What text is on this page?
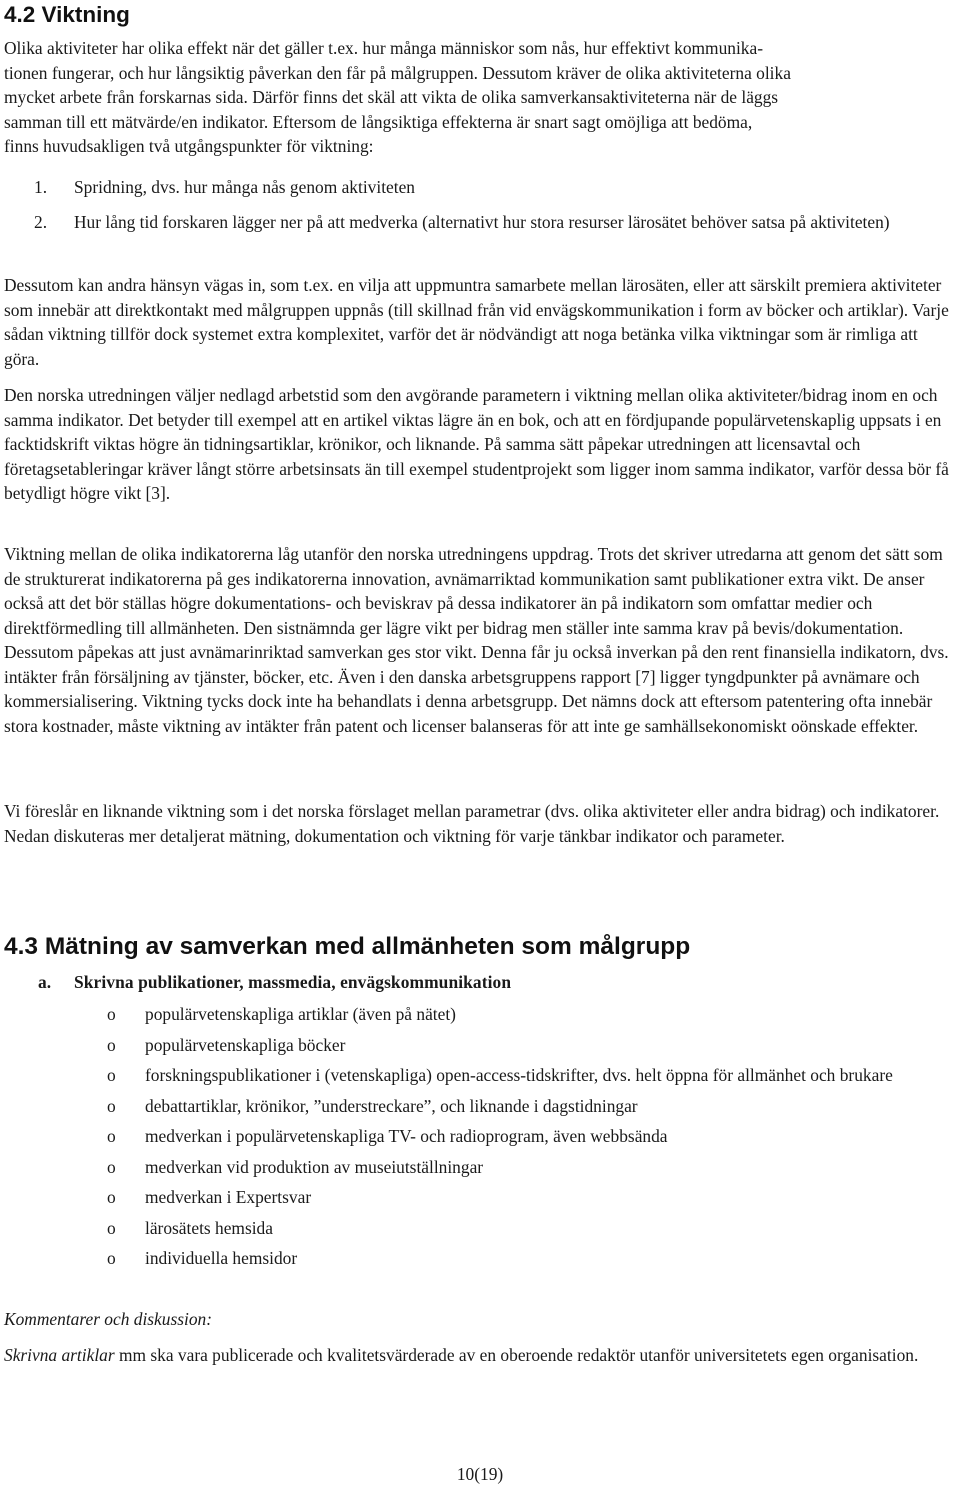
4.2 Viktning

Olika aktiviteter har olika effekt när det gäller t.ex. hur många människor som nås, hur effektivt kommunika-

tionen fungerar, och hur långsiktig påverkan den får på målgruppen. Dessutom kräver de olika aktiviteterna olika

mycket arbete från forskarnas sida. Därför finns det skäl att vikta de olika samverkansaktiviteterna när de läggs

samman till ett mätvärde/en indikator. Eftersom de långsiktiga effekterna är snart sagt omöjliga att bedöma,

finns huvudsakligen två utgångspunkter för viktning:

1. Spridning, dvs. hur många nås genom aktiviteten
2. Hur lång tid forskaren lägger ner på att medverka (alternativt hur stora resurser lärosätet behöver satsa på aktiviteten)

Dessutom kan andra hänsyn vägas in, som t.ex. en vilja att uppmuntra samarbete mellan lärosäten, eller att särskilt premiera aktiviteter som innebär att direktkontakt med målgruppen uppnås (till skillnad från vid envägskommunikation i form av böcker och artiklar). Varje sådan viktning tillför dock systemet extra komplexitet, varför det är nödvändigt att noga betänka vilka viktningar som är rimliga att göra.

Den norska utredningen väljer nedlagd arbetstid som den avgörande parametern i viktning mellan olika aktiviteter/bidrag inom en och samma indikator. Det betyder till exempel att en artikel viktas lägre än en bok, och att en fördjupande populärvetenskaplig uppsats i en facktidskrift viktas högre än tidningsartiklar, krönikor, och liknande. På samma sätt påpekar utredningen att licensavtal och företagsetableringar kräver långt större arbetsinsats än till exempel studentprojekt som ligger inom samma indikator, varför dessa bör få betydligt högre vikt [3].

Viktning mellan de olika indikatorerna låg utanför den norska utredningens uppdrag. Trots det skriver utredarna att genom det sätt som de strukturerat indikatorerna på ges indikatorerna innovation, avnämarriktad kommunikation samt publikationer extra vikt. De anser också att det bör ställas högre dokumentations- och beviskrav på dessa indikatorer än på indikatorn som omfattar medier och direktförmedling till allmänheten. Den sistnämnda ger lägre vikt per bidrag men ställer inte samma krav på bevis/dokumentation. Dessutom påpekas att just avnämarinriktad samverkan ges stor vikt. Denna får ju också inverkan på den rent finansiella indikatorn, dvs. intäkter från försäljning av tjänster, böcker, etc. Även i den danska arbetsgruppens rapport [7] ligger tyngdpunkter på avnämare och kommersialisering. Viktning tycks dock inte ha behandlats i denna arbetsgrupp. Det nämns dock att eftersom patentering ofta innebär stora kostnader, måste viktning av intäkter från patent och licenser balanseras för att inte ge samhällsekonomiskt oönskade effekter.

Vi föreslår en liknande viktning som i det norska förslaget mellan parametrar (dvs. olika aktiviteter eller andra bidrag) och indikatorer. Nedan diskuteras mer detaljerat mätning, dokumentation och viktning för varje tänkbar indikator och parameter.

4.3 Mätning av samverkan med allmänheten som målgrupp
a. Skrivna publikationer, massmedia, envägskommunikation
o populärvetenskapliga artiklar (även på nätet)
o populärvetenskapliga böcker
o forskningspublikationer i (vetenskapliga) open-access-tidskrifter, dvs. helt öppna för allmänhet och brukare
o debattartiklar, krönikor, ”understreckare”, och liknande i dagstidningar
o medverkan i populärvetenskapliga TV- och radioprogram, även webbsända
o medverkan vid produktion av museiutställningar
o medverkan i Expertsvar
o lärosätets hemsida
o individuella hemsidor

Kommentarer och diskussion:

Skrivna artiklar mm ska vara publicerade och kvalitetsvärderade av en oberoende redaktör utanför universitetets egen organisation.

10(19)
